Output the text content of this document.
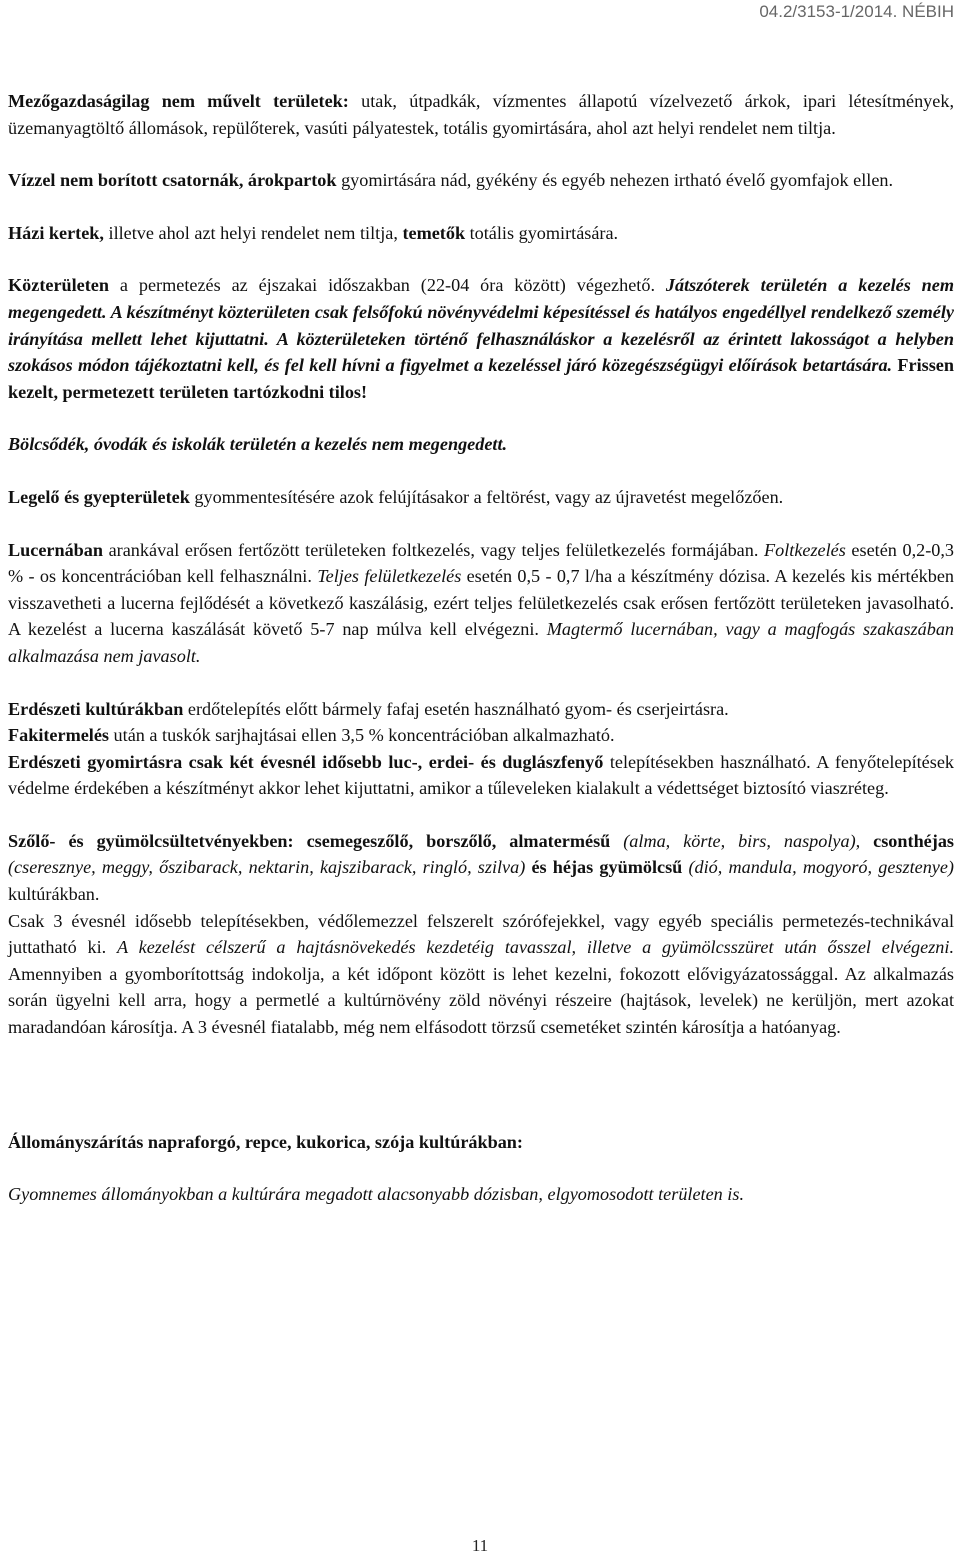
04.2/3153-1/2014. NÉBIH

Mezőgazdaságilag nem művelt területek: utak, útpadkák, vízmentes állapotú vízelvezető árkok, ipari létesítmények, üzemanyagtöltő állomások, repülőterek, vasúti pályatestek, totális gyomirtására, ahol azt helyi rendelet nem tiltja.

Vízzel nem borított csatornák, árokpartok gyomirtására nád, gyékény és egyéb nehezen irtható évelő gyomfajok ellen.

Házi kertek, illetve ahol azt helyi rendelet nem tiltja, temetők totális gyomirtására.

Közterületen a permetezés az éjszakai időszakban (22-04 óra között) végezhető. Játszóterek területén a kezelés nem megengedett. A készítményt közterületen csak felsőfokú növényvédelmi képesítéssel és hatályos engedéllyel rendelkező személy irányítása mellett lehet kijuttatni. A közterületeken történő felhasználáskor a kezelésről az érintett lakosságot a helyben szokásos módon tájékoztatni kell, és fel kell hívni a figyelmet a kezeléssel járó közegészségügyi előírások betartására. Frissen kezelt, permetezett területen tartózkodni tilos!

Bölcsődék, óvodák és iskolák területén a kezelés nem megengedett.

Legelő és gyepterületek gyommentesítésére azok felújításakor a feltörést, vagy az újravetést megelőzően.

Lucernában arankával erősen fertőzött területeken foltkezelés, vagy teljes felületkezelés formájában. Foltkezelés esetén 0,2-0,3 % - os koncentrációban kell felhasználni. Teljes felületkezelés esetén 0,5 - 0,7 l/ha a készítmény dózisa. A kezelés kis mértékben visszavetheti a lucerna fejlődését a következő kaszálásig, ezért teljes felületkezelés csak erősen fertőzött területeken javasolható. A kezelést a lucerna kaszálását követő 5-7 nap múlva kell elvégezni. Magtermő lucernában, vagy a magfogás szakaszában alkalmazása nem javasolt.

Erdészeti kultúrákban erdőtelepítés előtt bármely fafaj esetén használható gyom- és cserjeirtásra.

Fakitermelés után a tuskók sarjhajtásai ellen 3,5 % koncentrációban alkalmazható.

Erdészeti gyomirtásra csak két évesnél idősebb luc-, erdei- és duglászfenyő telepítésekben használható. A fenyőtelepítések védelme érdekében a készítményt akkor lehet kijuttatni, amikor a tűleveleken kialakult a védettséget biztosító viaszréteg.

Szőlő- és gyümölcsültetvényekben: csemegeszőlő, borszőlő, almatermésű (alma, körte, birs, naspolya), csonthéjas (cseresznye, meggy, őszibarack, nektarin, kajszibarack, ringló, szilva) és héjas gyümölcsű (dió, mandula, mogyoró, gesztenye) kultúrákban.

Csak 3 évesnél idősebb telepítésekben, védőlemezzel felszerelt szórófejekkel, vagy egyéb speciális permetezés-technikával juttatható ki. A kezelést célszerű a hajtásnövekedés kezdetéig tavasszal, illetve a gyümölcsszüret után ősszel elvégezni. Amennyiben a gyomborítottság indokolja, a két időpont között is lehet kezelni, fokozott elővigyázatossággal. Az alkalmazás során ügyelni kell arra, hogy a permetlé a kultúrnövény zöld növényi részeire (hajtások, levelek) ne kerüljön, mert azokat maradandóan károsítja. A 3 évesnél fiatalabb, még nem elfásodott törzsű csemetéket szintén károsítja a hatóanyag.

Állományszárítás napraforgó, repce, kukorica, szója kultúrákban:

Gyomnemes állományokban a kultúrára megadott alacsonyabb dózisban, elgyomosodott területen is.

11
